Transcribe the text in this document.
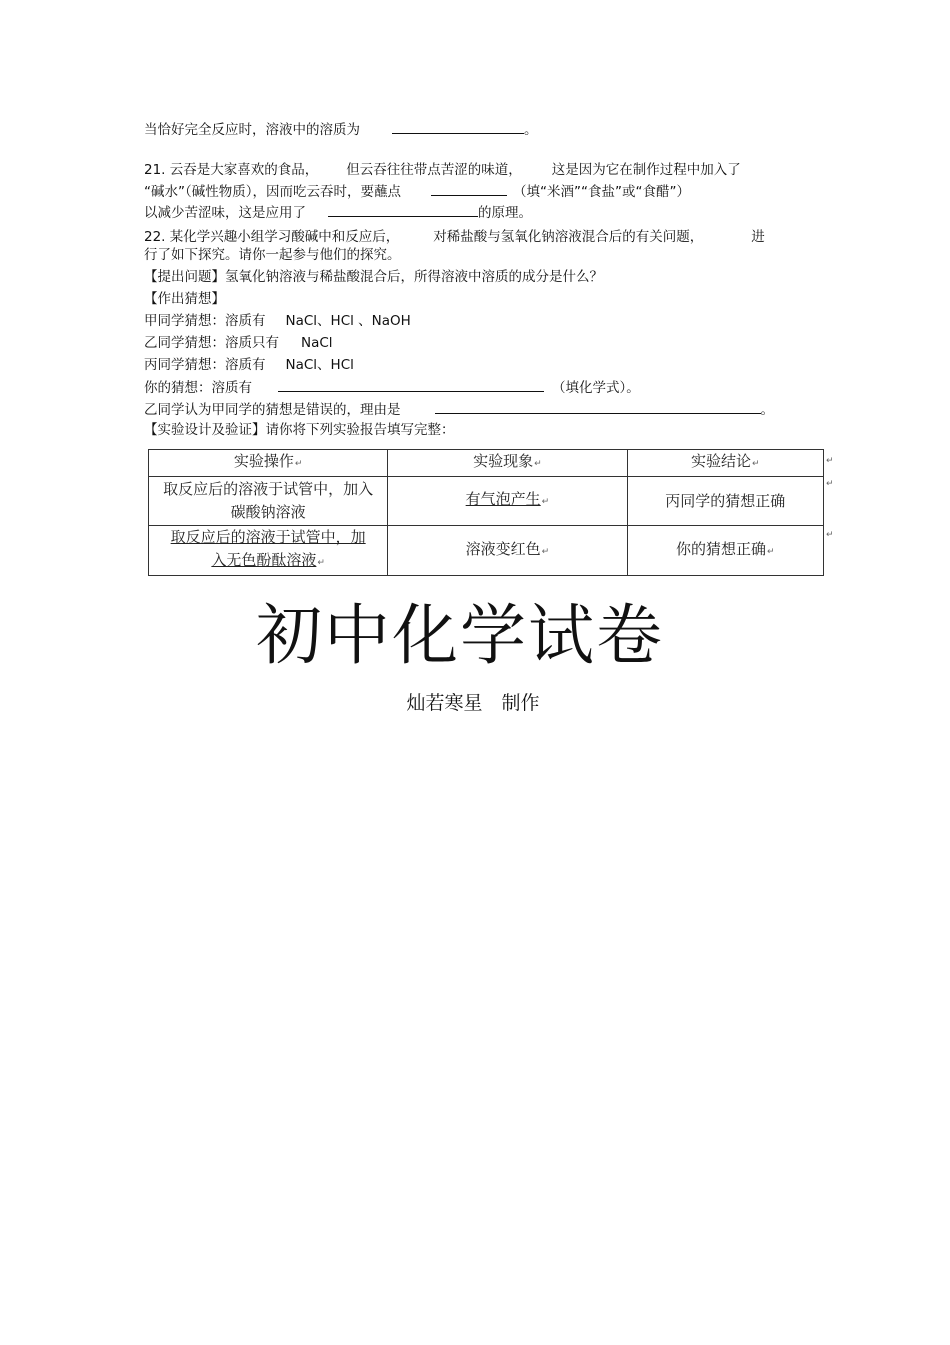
当恰好完全反应时，溶液中的溶质为	。
21. 云吞是大家喜欢的食品， 但云吞往往带点苦涩的味道， 这是因为它在制作过程中加入了
“碱水”（碱性物质），因而吃云吞时，要蘸点	（填“米酒”“食盐”或“食醋”）
以减少苦涩味，这是应用了	的原理。
22. 某化学兴趣小组学习酸碱中和反应后，	对稀盐酸与氢氧化钠溶液混合后的有关问题，	进
行了如下探究。请你一起参与他们的探究。
【提出问题】氢氧化钠溶液与稀盐酸混合后，所得溶液中溶质的成分是什么？
【作出猜想】
甲同学猜想：溶质有 NaCl、HCl 、NaOH
乙同学猜想：溶质只有 NaCl
丙同学猜想：溶质有 NaCl、HCl
你的猜想：溶质有	（填化学式）。
乙同学认为甲同学的猜想是错误的，理由是	。
【实验设计及验证】请你将下列实验报告填写完整：
实验操作↵	实验现象↵	实验结论↵
取反应后的溶液于试管中，加入
碳酸钠溶液	有气泡产生↵	丙同学的猜想正确
取反应后的溶液于试管中，加
入无色酚酞溶液↵	溶液变红色↵	你的猜想正确↵
↵
↵
↵
初中化学试卷
灿若寒星　制作
